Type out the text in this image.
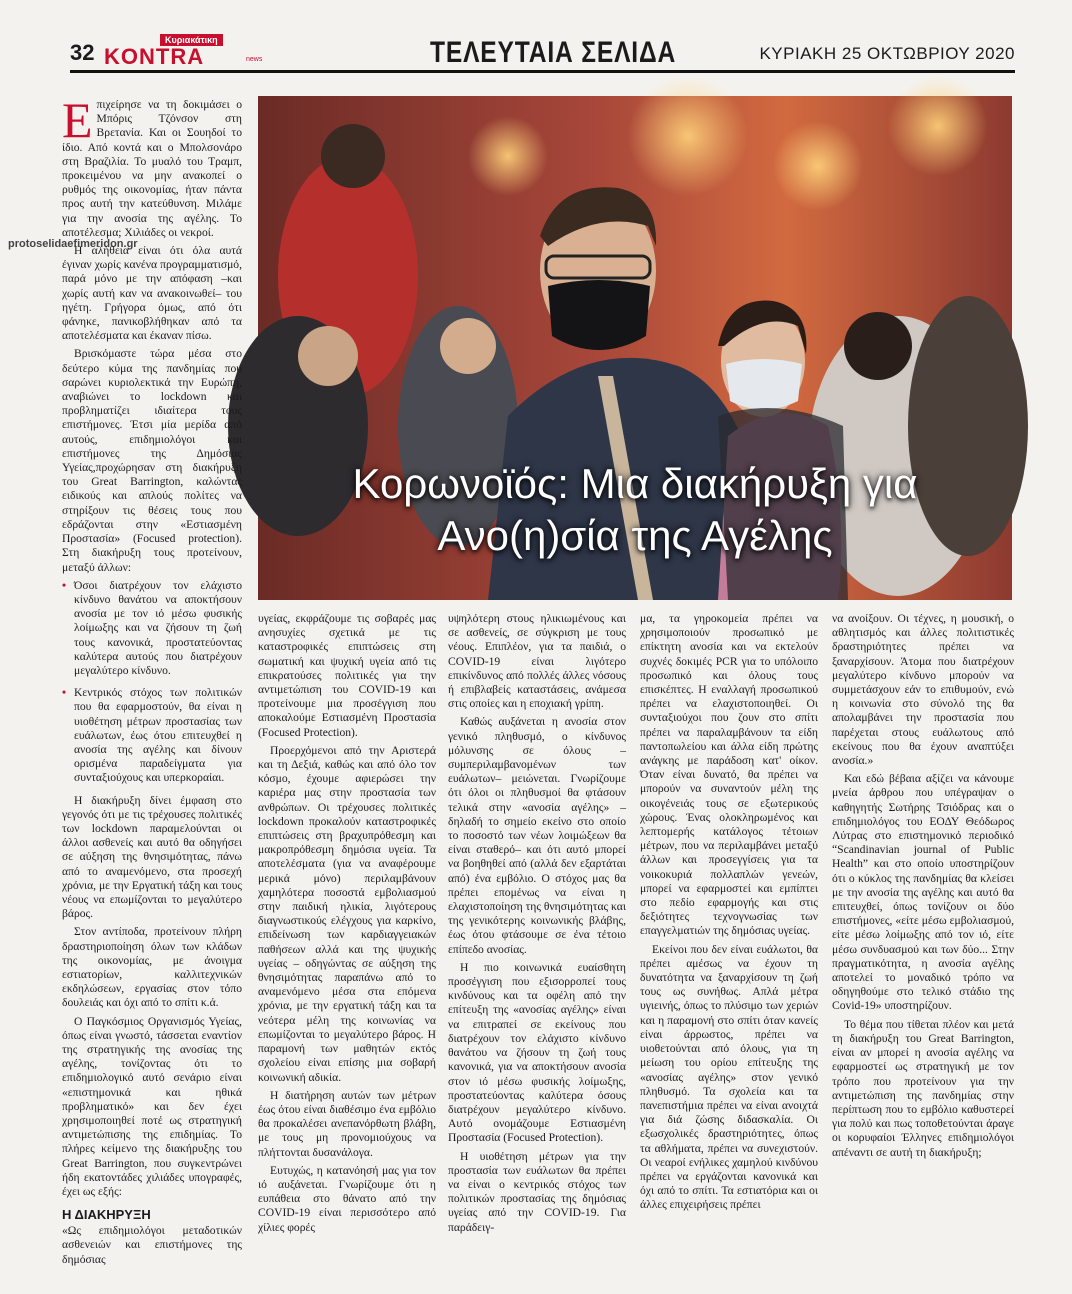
32	Κυριακάτικη
KONTRA	news	ΤΕΛΕΥΤΑΙΑ ΣΕΛΙΔΑ	ΚΥΡΙΑΚΗ 25 ΟΚΤΩΒΡΙΟΥ 2020
protoselidaefimeridon.gr
Κορωνοϊός: Μια διακήρυξη για
Ανο(η)σία της Αγέλης

Επιχείρησε να τη δοκιμάσει ο Μπόρις Τζόνσον στη Βρετανία. Και οι Σουηδοί το ίδιο. Από κοντά και ο Μπολσονάρο στη Βραζιλία. Το μυαλό του Τραμπ, προκειμένου να μην ανακοπεί ο ρυθμός της οικονομίας, ήταν πάντα προς αυτή την κατεύθυνση. Μιλάμε για την ανοσία της αγέλης. Το αποτέλεσμα; Χιλιάδες οι νεκροί.

Η αλήθεια είναι ότι όλα αυτά έγιναν χωρίς κανένα προγραμματισμό, παρά μόνο με την απόφαση –και χωρίς αυτή καν να ανακοινωθεί– του ηγέτη. Γρήγορα όμως, από ότι φάνηκε, πανικοβλήθηκαν από τα αποτελέσματα και έκαναν πίσω.

Βρισκόμαστε τώρα μέσα στο δεύτερο κύμα της πανδημίας που σαρώνει κυριολεκτικά την Ευρώπη, αναβιώνει το lockdown και προβληματίζει ιδιαίτερα τους επιστήμονες. Έτσι μία μερίδα από αυτούς, επιδημιολόγοι και επιστήμονες της Δημόσιας Υγείας,προχώρησαν στη διακήρυξη του Great Barrington, καλώντας ειδικούς και απλούς πολίτες να στηρίξουν τις θέσεις τους που εδράζονται στην «Εστιασμένη Προστασία» (Focused protection). Στη διακήρυξη τους προτείνουν, μεταξύ άλλων:

• Όσοι διατρέχουν τον ελάχιστο κίνδυνο θανάτου να αποκτήσουν ανοσία με τον ιό μέσω φυσικής λοίμωξης και να ζήσουν τη ζωή τους κανονικά, προστατεύοντας καλύτερα αυτούς που διατρέχουν μεγαλύτερο κίνδυνο.
• Κεντρικός στόχος των πολιτικών που θα εφαρμοστούν, θα είναι η υιοθέτηση μέτρων προστασίας των ευάλωτων, έως ότου επιτευχθεί η ανοσία της αγέλης και δίνουν ορισμένα παραδείγματα για συνταξιούχους και υπερκοραίαι.

Η διακήρυξη δίνει έμφαση στο γεγονός ότι με τις τρέχουσες πολιτικές των lockdown παραμελούνται οι άλλοι ασθενείς και αυτό θα οδηγήσει σε αύξηση της θνησιμότητας, πάνω από το αναμενόμενο, στα προσεχή χρόνια, με την Εργατική τάξη και τους νέους να επωμίζονται το μεγαλύτερο βάρος.

Στον αντίποδα, προτείνουν πλήρη δραστηριοποίηση όλων των κλάδων της οικονομίας, με άνοιγμα εστιατορίων, καλλιτεχνικών εκδηλώσεων, εργασίας στον τόπο δουλειάς και όχι από το σπίτι κ.ά.

Ο Παγκόσμιος Οργανισμός Υγείας, όπως είναι γνωστό, τάσσεται εναντίον της στρατηγικής της ανοσίας της αγέλης, τονίζοντας ότι το επιδημιολογικό αυτό σενάριο είναι «επιστημονικά και ηθικά προβληματικό» και δεν έχει χρησιμοποιηθεί ποτέ ως στρατηγική αντιμετώπισης της επιδημίας. Το πλήρες κείμενο της διακήρυξης του Great Barrington, που συγκεντρώνει ήδη εκατοντάδες χιλιάδες υπογραφές, έχει ως εξής:

Η ΔΙΑΚΗΡΥΞΗ

«Ως επιδημιολόγοι μεταδοτικών ασθενειών και επιστήμονες της δημόσιας

υγείας, εκφράζουμε τις σοβαρές μας ανησυχίες σχετικά με τις καταστροφικές επιπτώσεις στη σωματική και ψυχική υγεία από τις επικρατούσες πολιτικές για την αντιμετώπιση του COVID-19 και προτείνουμε μια προσέγγιση που αποκαλούμε Εστιασμένη Προστασία (Focused Protection).

Προερχόμενοι από την Αριστερά και τη Δεξιά, καθώς και από όλο τον κόσμο, έχουμε αφιερώσει την καριέρα μας στην προστασία των ανθρώπων. Οι τρέχουσες πολιτικές lockdown προκαλούν καταστροφικές επιπτώσεις στη βραχυπρόθεσμη και μακροπρόθεσμη δημόσια υγεία. Τα αποτελέσματα (για να αναφέρουμε μερικά μόνο) περιλαμβάνουν χαμηλότερα ποσοστά εμβολιασμού στην παιδική ηλικία, λιγότερους διαγνωστικούς ελέγχους για καρκίνο, επιδείνωση των καρδιαγγειακών παθήσεων αλλά και της ψυχικής υγείας – οδηγώντας σε αύξηση της θνησιμότητας παραπάνω από το αναμενόμενο μέσα στα επόμενα χρόνια, με την εργατική τάξη και τα νεότερα μέλη της κοινωνίας να επωμίζονται το μεγαλύτερο βάρος. Η παραμονή των μαθητών εκτός σχολείου είναι επίσης μια σοβαρή κοινωνική αδικία.

Η διατήρηση αυτών των μέτρων έως ότου είναι διαθέσιμο ένα εμβόλιο θα προκαλέσει ανεπανόρθωτη βλάβη, με τους μη προνομιούχους να πλήττονται δυσανάλογα.

Ευτυχώς, η κατανόησή μας για τον ιό αυξάνεται. Γνωρίζουμε ότι η ευπάθεια στο θάνατο από την COVID-19 είναι περισσότερο από χίλιες φορές

υψηλότερη στους ηλικιωμένους και σε ασθενείς, σε σύγκριση με τους νέους. Επιπλέον, για τα παιδιά, ο COVID-19 είναι λιγότερο επικίνδυνος από πολλές άλλες νόσους ή επιβλαβείς καταστάσεις, ανάμεσα στις οποίες και η εποχιακή γρίπη.

Καθώς αυξάνεται η ανοσία στον γενικό πληθυσμό, ο κίνδυνος μόλυνσης σε όλους –συμπεριλαμβανομένων των ευάλωτων– μειώνεται. Γνωρίζουμε ότι όλοι οι πληθυσμοί θα φτάσουν τελικά στην «ανοσία αγέλης» – δηλαδή το σημείο εκείνο στο οποίο το ποσοστό των νέων λοιμώξεων θα είναι σταθερό– και ότι αυτό μπορεί να βοηθηθεί από (αλλά δεν εξαρτάται από) ένα εμβόλιο. Ο στόχος μας θα πρέπει επομένως να είναι η ελαχιστοποίηση της θνησιμότητας και της γενικότερης κοινωνικής βλάβης, έως ότου φτάσουμε σε ένα τέτοιο επίπεδο ανοσίας.

Η πιο κοινωνικά ευαίσθητη προσέγγιση που εξισορροπεί τους κινδύνους και τα οφέλη από την επίτευξη της «ανοσίας αγέλης» είναι να επιτραπεί σε εκείνους που διατρέχουν τον ελάχιστο κίνδυνο θανάτου να ζήσουν τη ζωή τους κανονικά, για να αποκτήσουν ανοσία στον ιό μέσω φυσικής λοίμωξης, προστατεύοντας καλύτερα όσους διατρέχουν μεγαλύτερο κίνδυνο. Αυτό ονομάζουμε Εστιασμένη Προστασία (Focused Protection).

Η υιοθέτηση μέτρων για την προστασία των ευάλωτων θα πρέπει να είναι ο κεντρικός στόχος των πολιτικών προστασίας της δημόσιας υγείας από την COVID-19. Για παράδειγ-

μα, τα γηροκομεία πρέπει να χρησιμοποιούν προσωπικό με επίκτητη ανοσία και να εκτελούν συχνές δοκιμές PCR για το υπόλοιπο προσωπικό και όλους τους επισκέπτες. Η εναλλαγή προσωπικού πρέπει να ελαχιστοποιηθεί. Οι συνταξιούχοι που ζουν στο σπίτι πρέπει να παραλαμβάνουν τα είδη παντοπωλείου και άλλα είδη πρώτης ανάγκης με παράδοση κατ' οίκον. Όταν είναι δυνατό, θα πρέπει να μπορούν να συναντούν μέλη της οικογένειάς τους σε εξωτερικούς χώρους. Ένας ολοκληρωμένος και λεπτομερής κατάλογος τέτοιων μέτρων, που να περιλαμβάνει μεταξύ άλλων και προσεγγίσεις για τα νοικοκυριά πολλαπλών γενεών, μπορεί να εφαρμοστεί και εμπίπτει στο πεδίο εφαρμογής και στις δεξιότητες τεχνογνωσίας των επαγγελματιών της δημόσιας υγείας.

Εκείνοι που δεν είναι ευάλωτοι, θα πρέπει αμέσως να έχουν τη δυνατότητα να ξαναρχίσουν τη ζωή τους ως συνήθως. Απλά μέτρα υγιεινής, όπως το πλύσιμο των χεριών και η παραμονή στο σπίτι όταν κανείς είναι άρρωστος, πρέπει να υιοθετούνται από όλους, για τη μείωση του ορίου επίτευξης της «ανοσίας αγέλης» στον γενικό πληθυσμό. Τα σχολεία και τα πανεπιστήμια πρέπει να είναι ανοιχτά για διά ζώσης διδασκαλία. Οι εξωσχολικές δραστηριότητες, όπως τα αθλήματα, πρέπει να συνεχιστούν. Οι νεαροί ενήλικες χαμηλού κινδύνου πρέπει να εργάζονται κανονικά και όχι από το σπίτι. Τα εστιατόρια και οι άλλες επιχειρήσεις πρέπει

να ανοίξουν. Οι τέχνες, η μουσική, ο αθλητισμός και άλλες πολιτιστικές δραστηριότητες πρέπει να ξαναρχίσουν. Άτομα που διατρέχουν μεγαλύτερο κίνδυνο μπορούν να συμμετάσχουν εάν το επιθυμούν, ενώ η κοινωνία στο σύνολό της θα απολαμβάνει την προστασία που παρέχεται στους ευάλωτους από εκείνους που θα έχουν αναπτύξει ανοσία.»

Και εδώ βέβαια αξίζει να κάνουμε μνεία άρθρου που υπέγραψαν ο καθηγητής Σωτήρης Τσιόδρας και ο επιδημιολόγος του ΕΟΔΥ Θεόδωρος Λύτρας στο επιστημονικό περιοδικό “Scandinavian journal of Public Health” και στο οποίο υποστηρίζουν ότι ο κύκλος της πανδημίας θα κλείσει με την ανοσία της αγέλης και αυτό θα επιτευχθεί, όπως τονίζουν οι δύο επιστήμονες, «είτε μέσω εμβολιασμού, είτε μέσω λοίμωξης από τον ιό, είτε μέσω συνδυασμού και των δύο... Στην πραγματικότητα, η ανοσία αγέλης αποτελεί το μοναδικό τρόπο να οδηγηθούμε στο τελικό στάδιο της Covid-19» υποστηρίζουν.

Το θέμα που τίθεται πλέον και μετά τη διακήρυξη του Great Barrington, είναι αν μπορεί η ανοσία αγέλης να εφαρμοστεί ως στρατηγική με τον τρόπο που προτείνουν για την αντιμετώπιση της πανδημίας στην περίπτωση που το εμβόλιο καθυστερεί για πολύ και πως τοποθετούνται άραγε οι κορυφαίοι Έλληνες επιδημιολόγοι απέναντι σε αυτή τη διακήρυξη;
